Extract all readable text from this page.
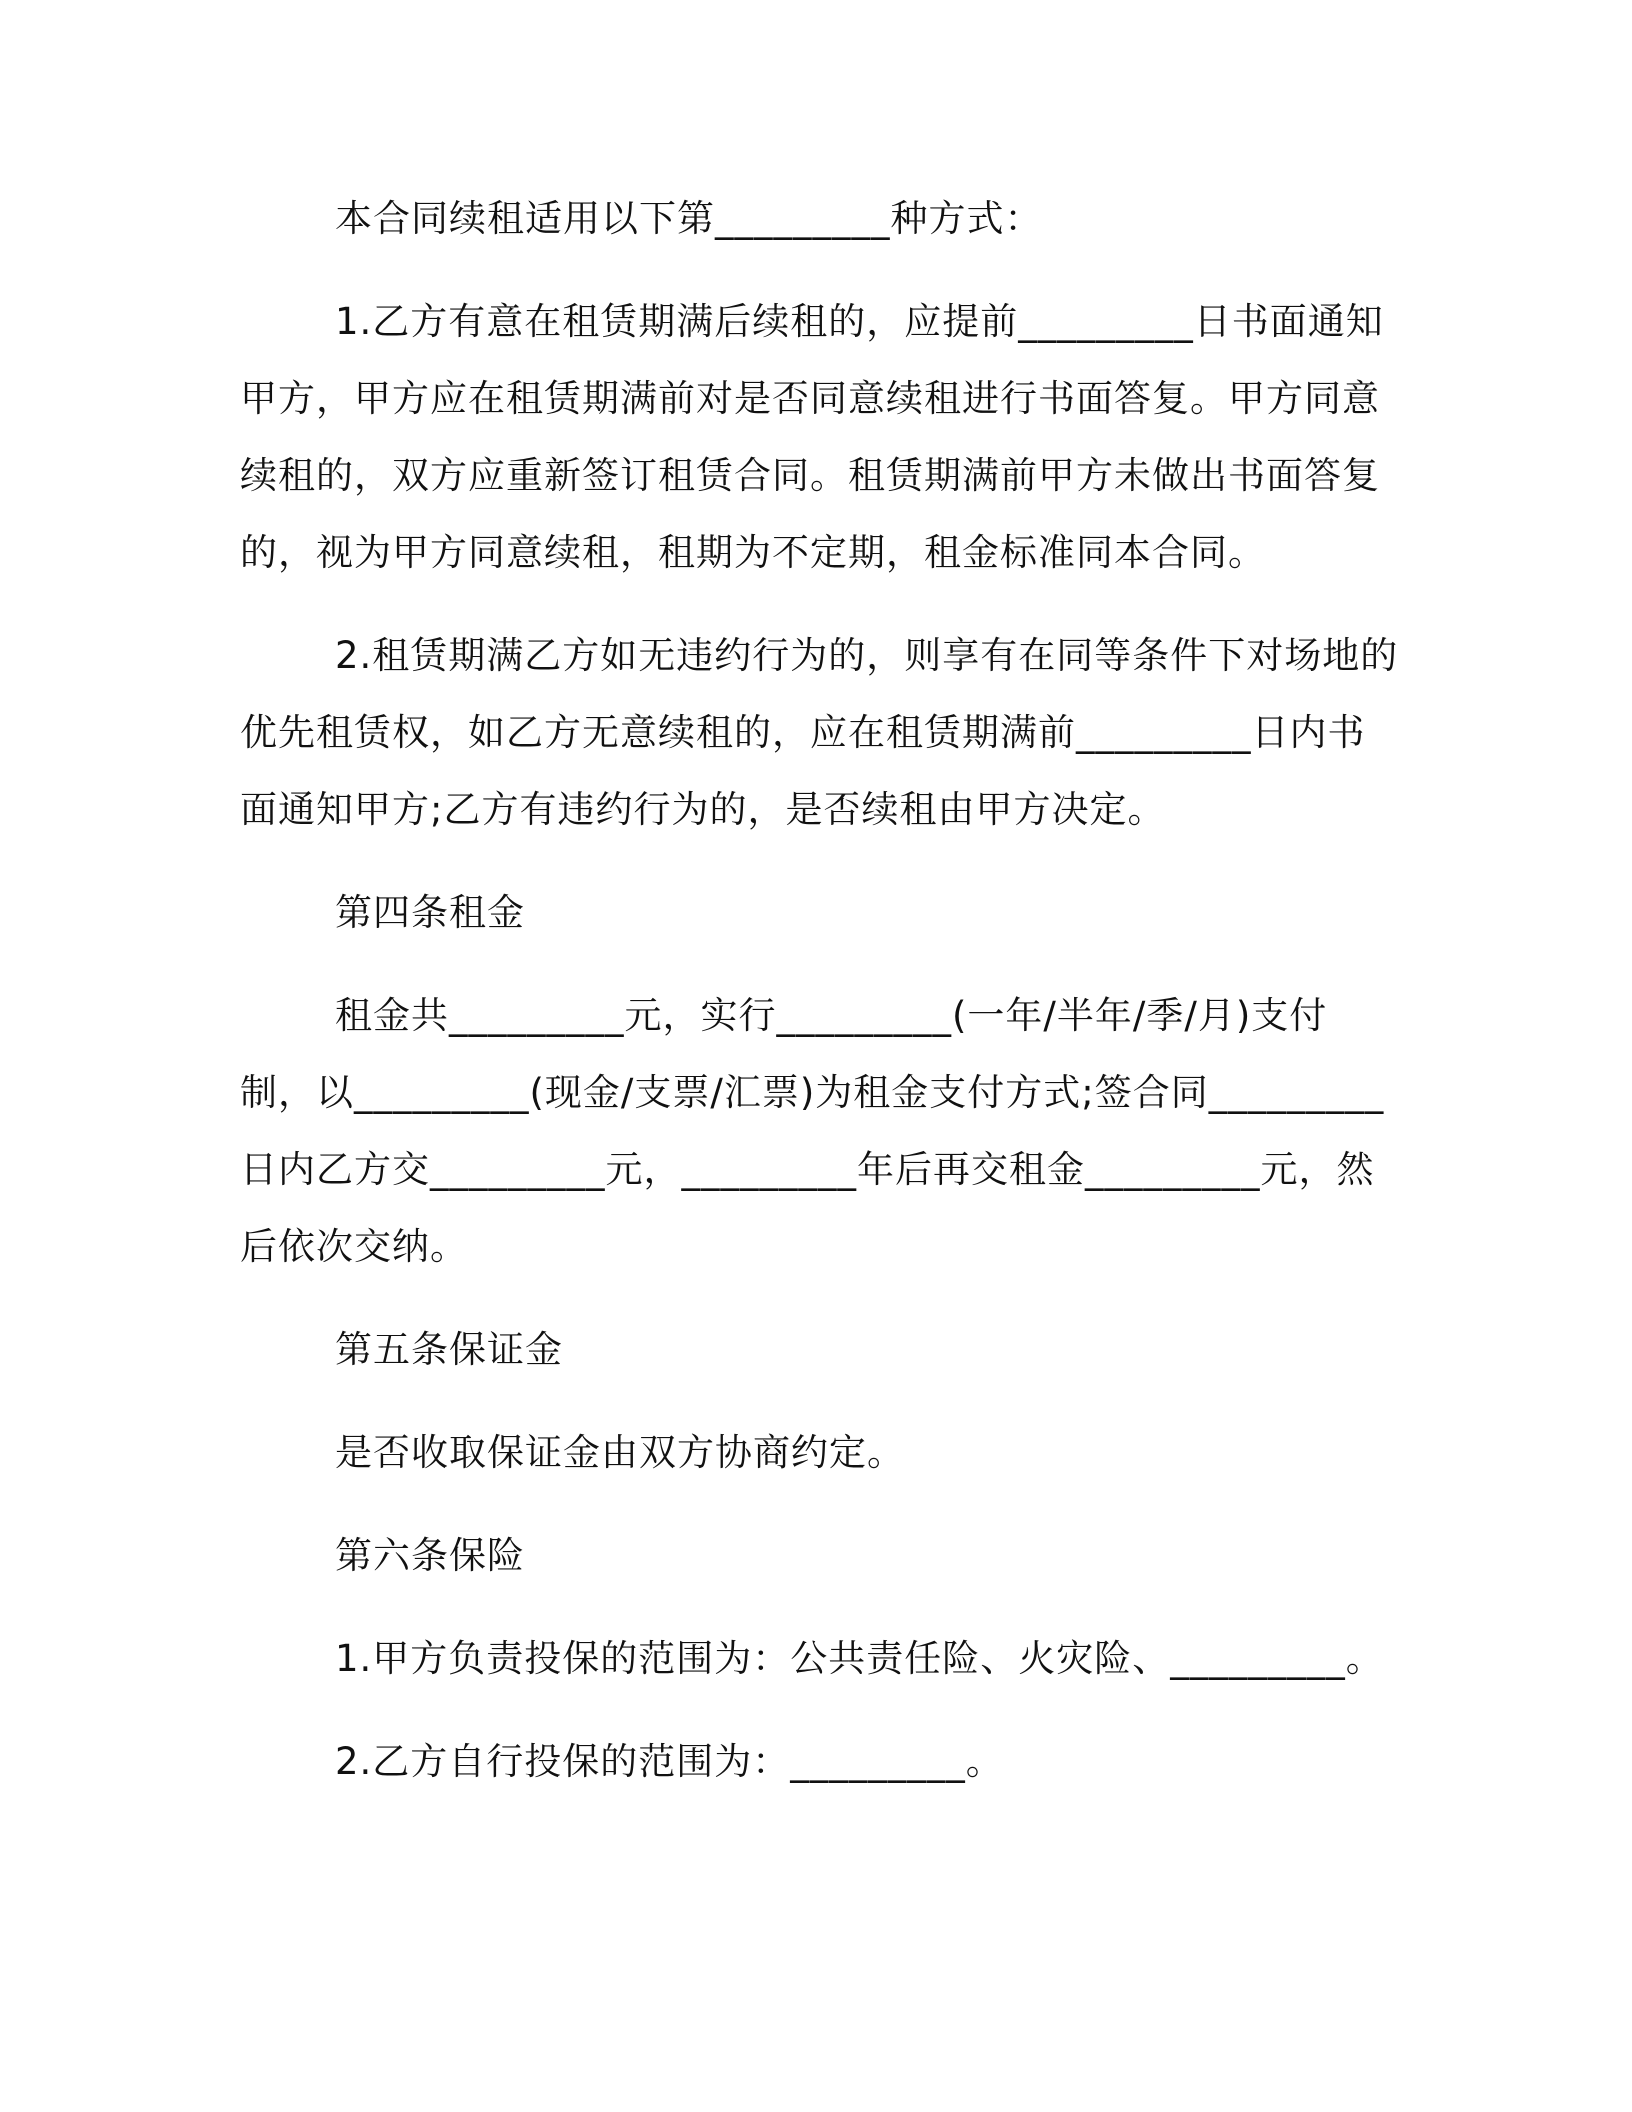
本合同续租适用以下第_________种方式：

1.乙方有意在租赁期满后续租的，应提前_________日书面通知甲方，甲方应在租赁期满前对是否同意续租进行书面答复。甲方同意续租的，双方应重新签订租赁合同。租赁期满前甲方未做出书面答复的，视为甲方同意续租，租期为不定期，租金标准同本合同。

2.租赁期满乙方如无违约行为的，则享有在同等条件下对场地的优先租赁权，如乙方无意续租的，应在租赁期满前_________日内书面通知甲方;乙方有违约行为的，是否续租由甲方决定。

第四条租金

租金共_________元，实行_________(一年/半年/季/月)支付制，以_________(现金/支票/汇票)为租金支付方式;签合同_________日内乙方交_________元，_________年后再交租金_________元，然后依次交纳。

第五条保证金

是否收取保证金由双方协商约定。

第六条保险

1.甲方负责投保的范围为：公共责任险、火灾险、_________。

2.乙方自行投保的范围为：_________。
